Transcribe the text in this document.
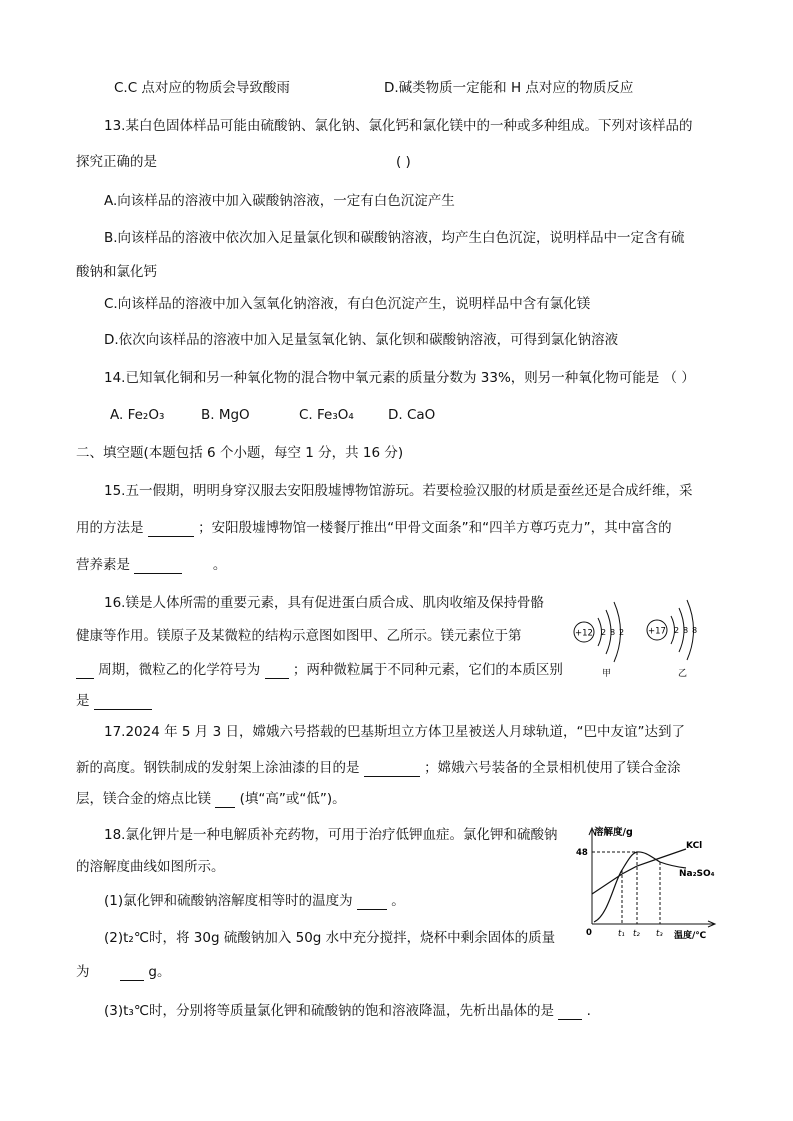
C.C 点对应的物质会导致酸雨	D.碱类物质一定能和 H 点对应的物质反应
13.某白色固体样品可能由硫酸钠、氯化钠、氯化钙和氯化镁中的一种或多种组成。下列对该样品的
探究正确的是	( )
A.向该样品的溶液中加入碳酸钠溶液，一定有白色沉淀产生
B.向该样品的溶液中依次加入足量氯化钡和碳酸钠溶液，均产生白色沉淀，说明样品中一定含有硫
酸钠和氯化钙
C.向该样品的溶液中加入氢氧化钠溶液，有白色沉淀产生，说明样品中含有氯化镁
D.依次向该样品的溶液中加入足量氢氧化钠、氯化钡和碳酸钠溶液，可得到氯化钠溶液
14.已知氧化铜和另一种氧化物的混合物中氧元素的质量分数为 33%，则另一种氧化物可能是 （ ）
A. Fe₂O₃	B. MgO	C. Fe₃O₄	D. CaO
二、填空题(本题包括 6 个小题，每空 1 分，共 16 分)
15.五一假期，明明身穿汉服去安阳殷墟博物馆游玩。若要检验汉服的材质是蚕丝还是合成纤维，采
用的方法是	；安阳殷墟博物馆一楼餐厅推出“甲骨文面条”和“四羊方尊巧克力”，其中富含的
营养素是	。
16.镁是人体所需的重要元素，具有促进蛋白质合成、肌肉收缩及保持骨骼
健康等作用。镁原子及某微粒的结构示意图如图甲、乙所示。镁元素位于第
周期，微粒乙的化学符号为 ；两种微粒属于不同种元素，它们的本质区别
是
+12 2 8 2
甲
+17 2 8 8
乙
17.2024 年 5 月 3 日，嫦娥六号搭载的巴基斯坦立方体卫星被送人月球轨道，“巴中友谊”达到了
新的高度。钢铁制成的发射架上涂油漆的目的是	；嫦娥六号装备的全景相机使用了镁合金涂
层，镁合金的熔点比镁 (填“高”或“低”)。
18.氯化钾片是一种电解质补充药物，可用于治疗低钾血症。氯化钾和硫酸钠
的溶解度曲线如图所示。
(1)氯化钾和硫酸钠溶解度相等时的温度为	。
(2)t₂℃时，将 30g 硫酸钠加入 50g 水中充分搅拌，烧杯中剩余固体的质量
为	g。
(3)t₃℃时，分别将等质量氯化钾和硫酸钠的饱和溶液降温，先析出晶体的是 .
溶解度/g
温度/℃
0
48
t₁ t₂ t₃
KCl
Na₂SO₄
